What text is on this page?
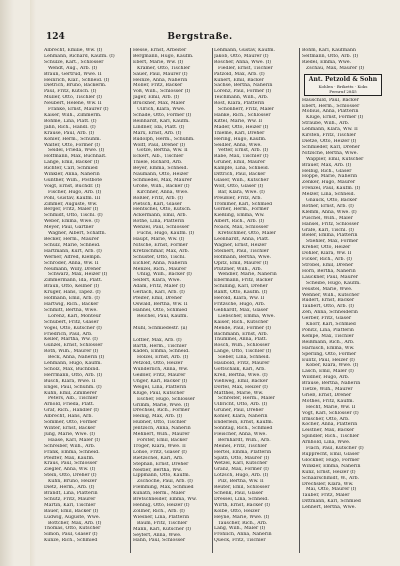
124	Bergstraße.
Albrecht, Emilie, Ww. (f)
Lehmann, Richard, Kaufm. (f)
Schulze, Kart., Schlosser
Wendt, Aug., Arb. (f)
Braun, Gertrud, Wwe. II
Heinrich, Klar., Schneid. (f)
Dietrich, Bruno, Bäckerm.
Paul, Fritz, Kutsch. (f)
Müller, Otto, Tischler (f)
Neubert, Helene, Ww. II
Franke, Ernst, Maurer (f)
Kaiser, Wilh., Zimmerm.
Böhme, Lina, Plätt. (f)
Jahn, Rich., Händl. (f)
Krause, Paul, Arb. (f)
Köhler, Herm., Schuhm.
Walter, Otto, Former (f)
Seidel, Frieda, Wwe. (f)
Hoffmann, Max, Buchhalt.
Lange, Emil, Bäcker (f)
Richter, Carl, Schmied
Winkler, Anna, Näherin
Günther, Wilh., Postbote
Voigt, Ernst, Buchdr. (f)
Fischer, Hugo, Arb. (f)
Pohl, Gustav, Kaufm. III
Zimmer, Auguste, Ww.
Berger, Fritz, Maler (f)
Schmidt, Otto, Tischl. (f)
Weber, Emma, Wwe. (f)
Meyer, Paul, Gärtner
Wagner, Albert, Schaffn.
Becker, Herm., Maurer
Schulz, Marie, Schneid.
Hartmann, Kurt, Arb. (f)
Werner, Alfred, Klempn.
Schröder, Anna, Ww. II
Neumann, Willy, Dreher
Schwarz, Max, Heizer (f)
Zimmermann, Ida, Plätt.
Braun, Otto, Kellner (f)
Krüger, Hans, Tapez. (f)
Hofmann, Emil, Arb. (f)
Hartwig, Rich., Bäcker
Schmitt, Bertha, Wwe.
Lorenz, Karl, Monteur
Schubert, Fritz, Glaser
Vogel, Otto, Kutscher (f)
Friedrich, Paul, Arb.
Keller, Martha, Ww. (f)
Günzel, Ernst, Schlosser
Roth, Wilh., Maurer (f)
Beck, Anna, Näherin (f)
Lehmann, Hugo, Kaufm.
Scholz, Max, Buchbind.
Herrmann, Otto, Arb. (f)
Busch, Klara, Wwe. II
Engel, Paul, Schuhm. (f)
Kühn, Emil, Zimmerer
Peters, Alb., Tischler
Arnold, Frieda, Plätt.
Graf, Rich., Händler (f)
Albrecht, Hans, Arb.
Sommer, Otto, Former
Winter, Ernst, Bäcker
Jung, Marie, Wwe. (f)
Haase, Karl, Maler (f)
Schreiber, Wilh., Arb.
Frank, Emma, Schneid.
Pfeiffer, Max, Kaufm.
Kraus, Paul, Schlosser
Ziegler, Anna, Ww. (f)
Stein, Otto, Dreher (f)
Kuhn, Bruno, Heizer
Dietz, Herm., Arb. (f)
Brandt, Lina, Plätterin
Schütz, Fritz, Maurer
Martin, Karl, Tischler
Bauer, Emil, Bäcker (f)
Ludwig, Auguste, Wwe.
Böttcher, Max, Arb. (f)
Thomas, Otto, Kutscher
Simon, Paul, Glaser (f)
Kunze, Rich., Schmied
Hesse, Ernst, Arbeiter
Bergmann, Hugo, Kaufm.
Ebert, Marie, Ww. (f)
Kramer, Otto, Tischler
Sauer, Paul, Maurer (f)
Heinze, Anna, Näherin
Möller, Fritz, Bäcker
Voß, Wilh., Schlosser (f)
Jäger, Emil, Arb. (f)
Brückner, Max, Maler
Ullrich, Klara, Wwe.
Schade, Otto, Former (f)
Reinhardt, Karl, Kaufm.
Lindner, Ida, Plätt. (f)
Marx, Ernst, Arb. (f)
Rudolph, Herm., Schuhm.
Wolff, Paul, Dreher (f)
Götze, Bertha, Ww. II
Eckert, Alb., Tischler
Thiele, Richard, Arb.
Beyer, Emma, Schneid.
Naumann, Otto, Heizer
Schmiedel, Max, Maurer
Große, Wilh., Bäcker (f)
Kirchner, Anna, Wwe.
Rößler, Fritz, Arb. (f)
Pietsch, Karl, Glaser
Hentschel, Otto, Kutsch.
Ackermann, Emil, Arb.
Rothe, Lina, Plätterin
Wenzel, Paul, Schlosser
Fuchs, Hugo, Kaufm. (f)
Haupt, Marie, Ww. (f)
Nitsche, Ernst, Former
Kretzschmar, Max, Arb.
Schuster, Otto, Tischl.
Eichler, Anna, Näherin
Menzel, Rich., Maurer
Uhlig, Wilh., Bäcker (f)
Seifert, Klara, Wwe.
Adam, Fritz, Maler (f)
Gerlach, Karl, Arb. (f)
Pfeifer, Emil, Dreher
Oswald, Bertha, Ww. II
Hähnel, Otto, Schmied
Reichel, Paul, Kaufm.
Mühl, Schmiedestr. (ii)
Löffler, Max, Arb. (f)
Barth, Herm., Tischler
Kaden, Emma, Schneid.
Hölzel, Ernst, Arb. (f)
Petzold, Otto, Heizer
Wunderlich, Anna, Ww.
Geißler, Fritz, Maurer
Unger, Karl, Bäcker (f)
Weigel, Lina, Plätterin
Kluge, Paul, Kutscher
Escher, Hugo, Schlosser
Grimm, Marie, Wwe. (f)
Drechsel, Rich., Former
Heinig, Max, Arb. (f)
Hübner, Otto, Tischler
Jentzsch, Anna, Näherin
Mehnert, Wilh., Maurer
Förster, Emil, Bäcker
Tröger, Klara, Wwe. II
Lohse, Fritz, Glaser (f)
Rietzschel, Karl, Arb.
Stephan, Ernst, Dreher
Nestler, Bertha, Ww.
Lippmann, Otto, Kaufm.
Zschoche, Paul, Arb. (f)
Flemming, Max, Schmied
Kunath, Herm., Maler
Bretschneider, Emma, Ww.
Hennig, Otto, Heizer (f)
Zöllner, Rich., Arb. (f)
Wiesner, Lina, Plätterin
Baum, Fritz, Tischler
Mann, Karl, Kutscher (f)
Seyfert, Anna, Wwe.
Hahn, Paul, Schlosser
Lehmann, Gustav, Kaufm.
Jakob, Otto, Maurer (f)
Roscher, Anna, Wwe. (f)
Fiedler, Ernst, Tischler
Pätzold, Max, Arb. (f)
Kunert, Emil, Bäcker
Sachse, Bertha, Näherin
Lorenz, Paul, Former (f)
Teichmann, Wilh., Arb.
Rost, Klara, Plätterin
Schönherr, Fritz, Maler
Hanke, Rich., Schlosser
Kittel, Marie, Ww. II
Mäder, Otto, Heizer (f)
Thieme, Karl, Dreher
Hering, Hugo, Kaufm.
Seidler, Anna, Wwe.
Vetter, Ernst, Arb. (f)
Rabe, Max, Tischler (f)
Gruner, Emil, Maurer
Kämpfe, Lina, Schneid.
Dittrich, Paul, Bäcker
Gläser, Wilh., Kutscher
Wolf, Otto, Glaser (f)
Bär, Klara, Wwe. (f)
Preußler, Fritz, Arb.
Trommer, Karl, Schmied
Görner, Herm., Former
Kießling, Emma, Ww.
Albert, Rich., Arb. (f)
Noack, Max, Schlosser
Kretschmer, Otto, Maler
Leonhardt, Anna, Plätt.
Wagner, Ernst, Heizer
Steinert, Paul, Tischler
Hofmann, Bertha, Wwe.
Opitz, Emil, Maurer (f)
Pfützner, Wilh., Arb.
Wendler, Marie, Näherin
Ebermann, Fritz, Bäcker
Schilling, Karl, Dreher
Ranft, Otto, Kaufm. (f)
Herold, Klara, Ww. II
Fritzsche, Hugo, Arb.
Gebhardt, Max, Glaser
Liebscher, Emma, Wwe.
Kaiser, Rich., Kutscher
Mende, Paul, Former (f)
Bachmann, Ernst, Arb.
Thümmel, Anna, Plätt.
Rösch, Wilh., Schlosser
Lange, Otto, Tischler (f)
Sieber, Lina, Schneid.
Haubold, Fritz, Maurer
Gottschalk, Karl, Arb.
Krell, Bertha, Wwe. (f)
Viehweg, Emil, Bäcker
Dörfel, Max, Heizer (f)
Matthes, Marie, Ww.
Schreiter, Herm., Maler
Ulbricht, Otto, Arb. (f)
Grüner, Paul, Dreher
Köhler, Klara, Näherin
Enderlein, Ernst, Kaufm.
Sonntag, Rich., Schmied
Fleischer, Anna, Wwe.
Bernhardt, Wilh., Arb.
Meinel, Fritz, Tischler
Hertel, Emma, Plätterin
Späth, Otto, Maurer (f)
Wetzel, Karl, Kutscher
Gränz, Max, Former (f)
Lötzsch, Hugo, Arb. (f)
Pilz, Bertha, Ww. II
Reuter, Emil, Schlosser
Schenk, Paul, Glaser
Dressel, Lina, Schneid.
Wirth, Ernst, Bäcker (f)
Kolbe, Otto, Heizer
Heyne, Marie, Wwe. (f)
Tauscher, Rich., Arb.
Lang, Wilh., Maler (f)
Fröhlich, Anna, Näherin
Queck, Fritz, Tischler
Böhm, Karl, Kaufmann
Seltmann, Otto, Arb. (f)
Riedel, Emma, Wwe.
Zschau, Max, Maurer (f)
Ant. Petzold & Sohn
Kohlen · Briketts · Koks
Fernruf 2845
Hauschild, Paul, Bäcker
Ebert, Herm., Schlosser
Möbius, Anna, Plätterin
Kluge, Ernst, Former (f)
Straube, Wilh., Arb.
Lehmann, Klara, Ww. II
Kirsten, Fritz, Tischler
Dietze, Otto, Heizer (f)
Schmieder, Karl, Dreher
Nitzsche, Bertha, Wwe.
Wappler, Emil, Kutscher
Bräuer, Max, Arb. (f)
Helbig, Rich., Glaser
Hoppe, Marie, Näherin
Zenker, Hugo, Maurer
Frenzel, Paul, Kaufm. (f)
Melzer, Lina, Schneid.
Gnauck, Otto, Bäcker
Rother, Ernst, Arb. (f)
Klemm, Anna, Wwe. (f)
Püschel, Wilh., Maler
Hänsel, Fritz, Schlosser
Gräfe, Karl, Tischl. (f)
Bieler, Emma, Plätterin
Stiehler, Max, Former
Kreher, Otto, Heizer
Döhler, Klara, Ww. II
Ficker, Rich., Arb. (f)
Strobel, Emil, Dreher
Horn, Bertha, Näherin
Lauckner, Paul, Maurer
Scheibe, Hugo, Kaufm.
Feustel, Marie, Wwe.
Wehner, Wilh., Kutscher
Rudert, Ernst, Bäcker
Taubert, Otto, Arb. (f)
Zeh, Anna, Schneiderin
Gerber, Fritz, Glaser
Knorr, Karl, Schmied
Pönitz, Lina, Plätterin
Kempe, Max, Tischler
Reißmann, Rich., Arb.
Harnisch, Emma, Ww.
Sperling, Otto, Former
Eulitz, Paul, Heizer (f)
Kober, Klara, Wwe. (f)
Lasch, Emil, Maler (f)
Wildner, Hugo, Arb.
Brause, Bertha, Näherin
Tietze, Wilh., Maurer
Grieß, Ernst, Dreher
Mothes, Fritz, Kaufm.
Hecht, Marie, Ww. II
Vogt, Karl, Schlosser (f)
Irmscher, Otto, Arb.
Köcher, Anna, Plätterin
Leistner, Max, Bäcker
Spindler, Rich., Tischler
Arnhold, Lina, Wwe.
Flach, Paul, Kutscher (f)
Rupprecht, Emil, Glaser
Glöckner, Hugo, Former
Winkler, Emma, Näherin
Kunz, Ernst, Heizer (f)
Schaarschmidt, W., Arb.
Drechsler, Klara, Ww.
Mai, Otto, Maurer (f)
Tauber, Fritz, Maler
Dittmann, Karl, Schmied
Lehnert, Bertha, Wwe.
